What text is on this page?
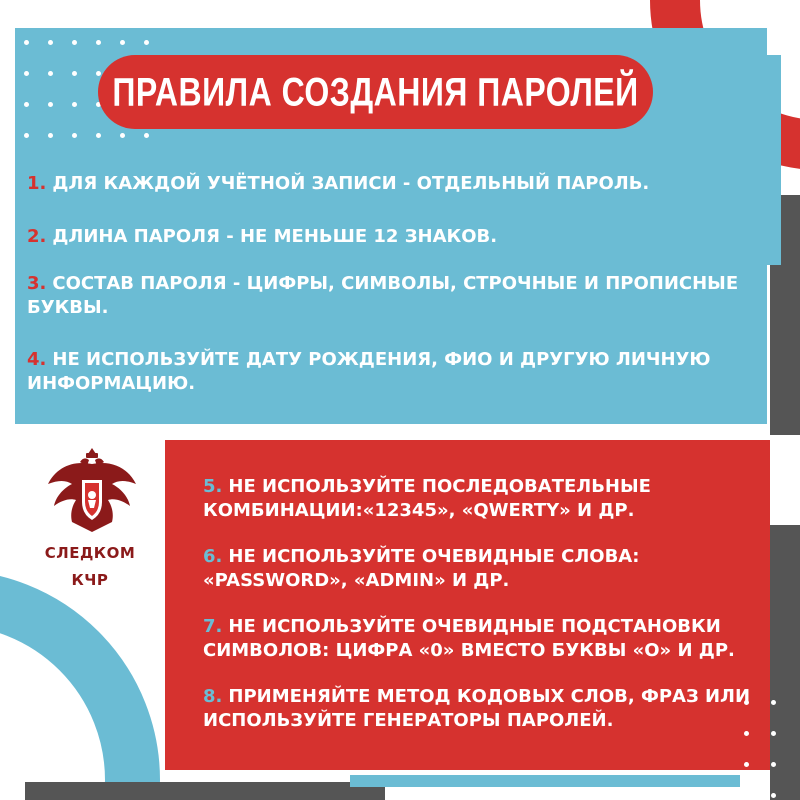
ПРАВИЛА СОЗДАНИЯ ПАРОЛЕЙ
1. ДЛЯ КАЖДОЙ УЧЁТНОЙ ЗАПИСИ - ОТДЕЛЬНЫЙ ПАРОЛЬ.
2. ДЛИНА ПАРОЛЯ - НЕ МЕНЬШЕ 12 ЗНАКОВ.
3. СОСТАВ ПАРОЛЯ - ЦИФРЫ, СИМВОЛЫ, СТРОЧНЫЕ И ПРОПИСНЫЕ БУКВЫ.
4. НЕ ИСПОЛЬЗУЙТЕ ДАТУ РОЖДЕНИЯ, ФИО И ДРУГУЮ ЛИЧНУЮ ИНФОРМАЦИЮ.
5. НЕ ИСПОЛЬЗУЙТЕ ПОСЛЕДОВАТЕЛЬНЫЕ КОМБИНАЦИИ:«12345», «QWERTY» И ДР.
6. НЕ ИСПОЛЬЗУЙТЕ ОЧЕВИДНЫЕ СЛОВА: «PASSWORD», «ADMIN» И ДР.
7. НЕ ИСПОЛЬЗУЙТЕ ОЧЕВИДНЫЕ ПОДСТАНОВКИ СИМВОЛОВ: ЦИФРА «0» ВМЕСТО БУКВЫ «О» И ДР.
8. ПРИМЕНЯЙТЕ МЕТОД КОДОВЫХ СЛОВ, ФРАЗ ИЛИ ИСПОЛЬЗУЙТЕ ГЕНЕРАТОРЫ ПАРОЛЕЙ.
СЛЕДКОМ
КЧР
